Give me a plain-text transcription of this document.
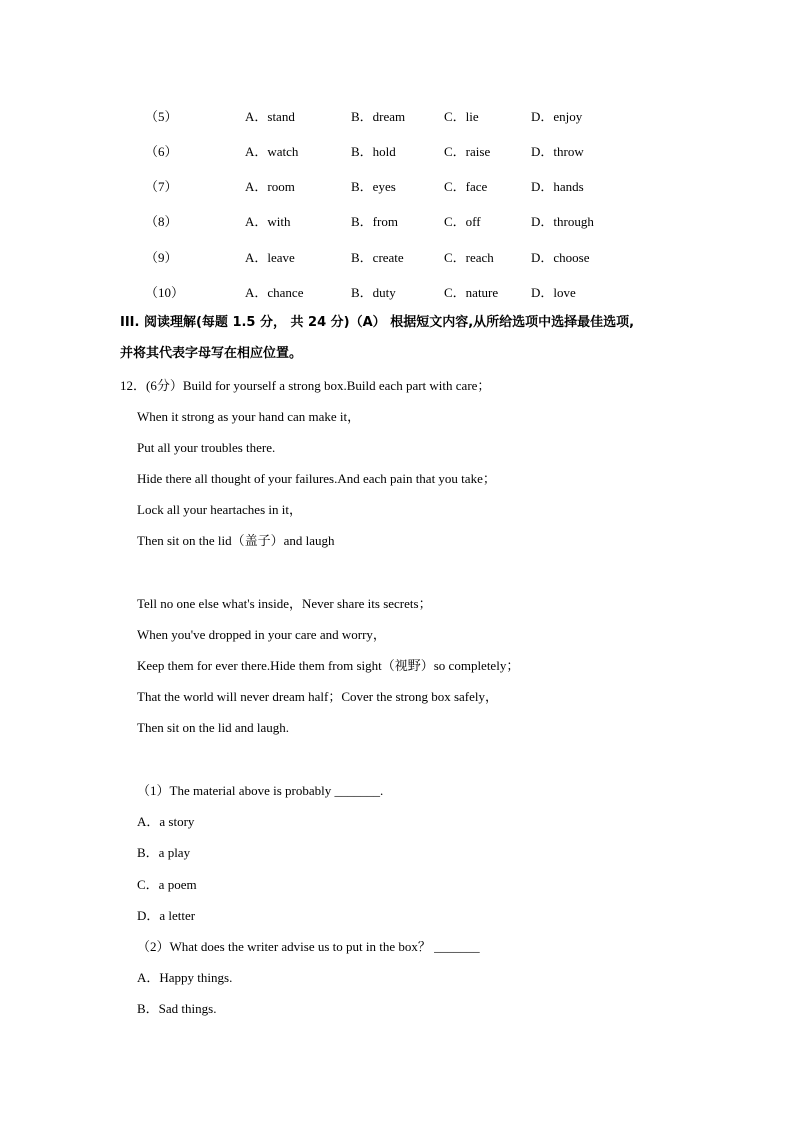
（5）	A．stand	B．dream	C．lie	D．enjoy
（6）	A．watch	B．hold	C．raise	D．throw
（7）	A．room	B．eyes	C．face	D．hands
（8）	A．with	B．from	C．off	D．through
（9）	A．leave	B．create	C．reach	D．choose
（10）	A．chance	B．duty	C．nature	D．love
III. 阅读理解(每题 1.5 分， 共 24 分)（A） 根据短文内容,从所给选项中选择最佳选项,
并将其代表字母写在相应位置。
12．(6分）Build for yourself a strong box.Build each part with care；
When it strong as your hand can make it，
Put all your troubles there.
Hide there all thought of your failures.And each pain that you take；
Lock all your heartaches in it，
Then sit on the lid（盖子）and laugh
Tell no one else what's inside，Never share its secrets；
When you've dropped in your care and worry，
Keep them for ever there.Hide them from sight（视野）so completely；
That the world will never dream half；Cover the strong box safely，
Then sit on the lid and laugh.
（1）The material above is probably _______.
A．a story
B．a play
C．a poem
D．a letter
（2）What does the writer advise us to put in the box？ _______
A．Happy things.
B．Sad things.
